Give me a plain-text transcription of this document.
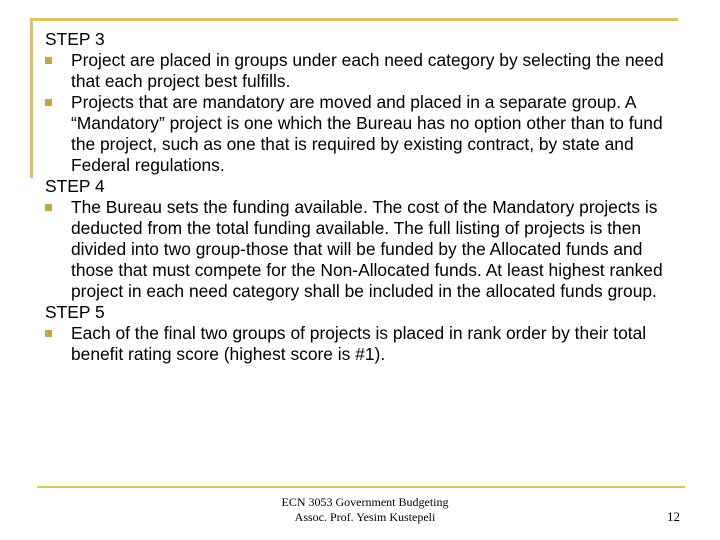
STEP 3
Project are placed in groups under each need category by selecting the need that each project best fulfills.
Projects that are mandatory are moved and placed in a separate group. A “Mandatory” project is one which the Bureau has no option other than to fund the project, such as one that is required by existing contract, by state and Federal regulations.
STEP 4
The Bureau sets the funding available. The cost of the Mandatory projects is deducted from the total funding available. The full listing of projects is then divided into two group-those that will be funded by the Allocated funds and those that must compete for the Non-Allocated funds. At least highest ranked project in each need category shall be included in the allocated funds group.
STEP 5
Each of the final two groups of projects is placed in rank order by their total benefit rating score (highest score is #1).
ECN 3053 Government Budgeting
Assoc. Prof. Yesim Kustepeli	12
